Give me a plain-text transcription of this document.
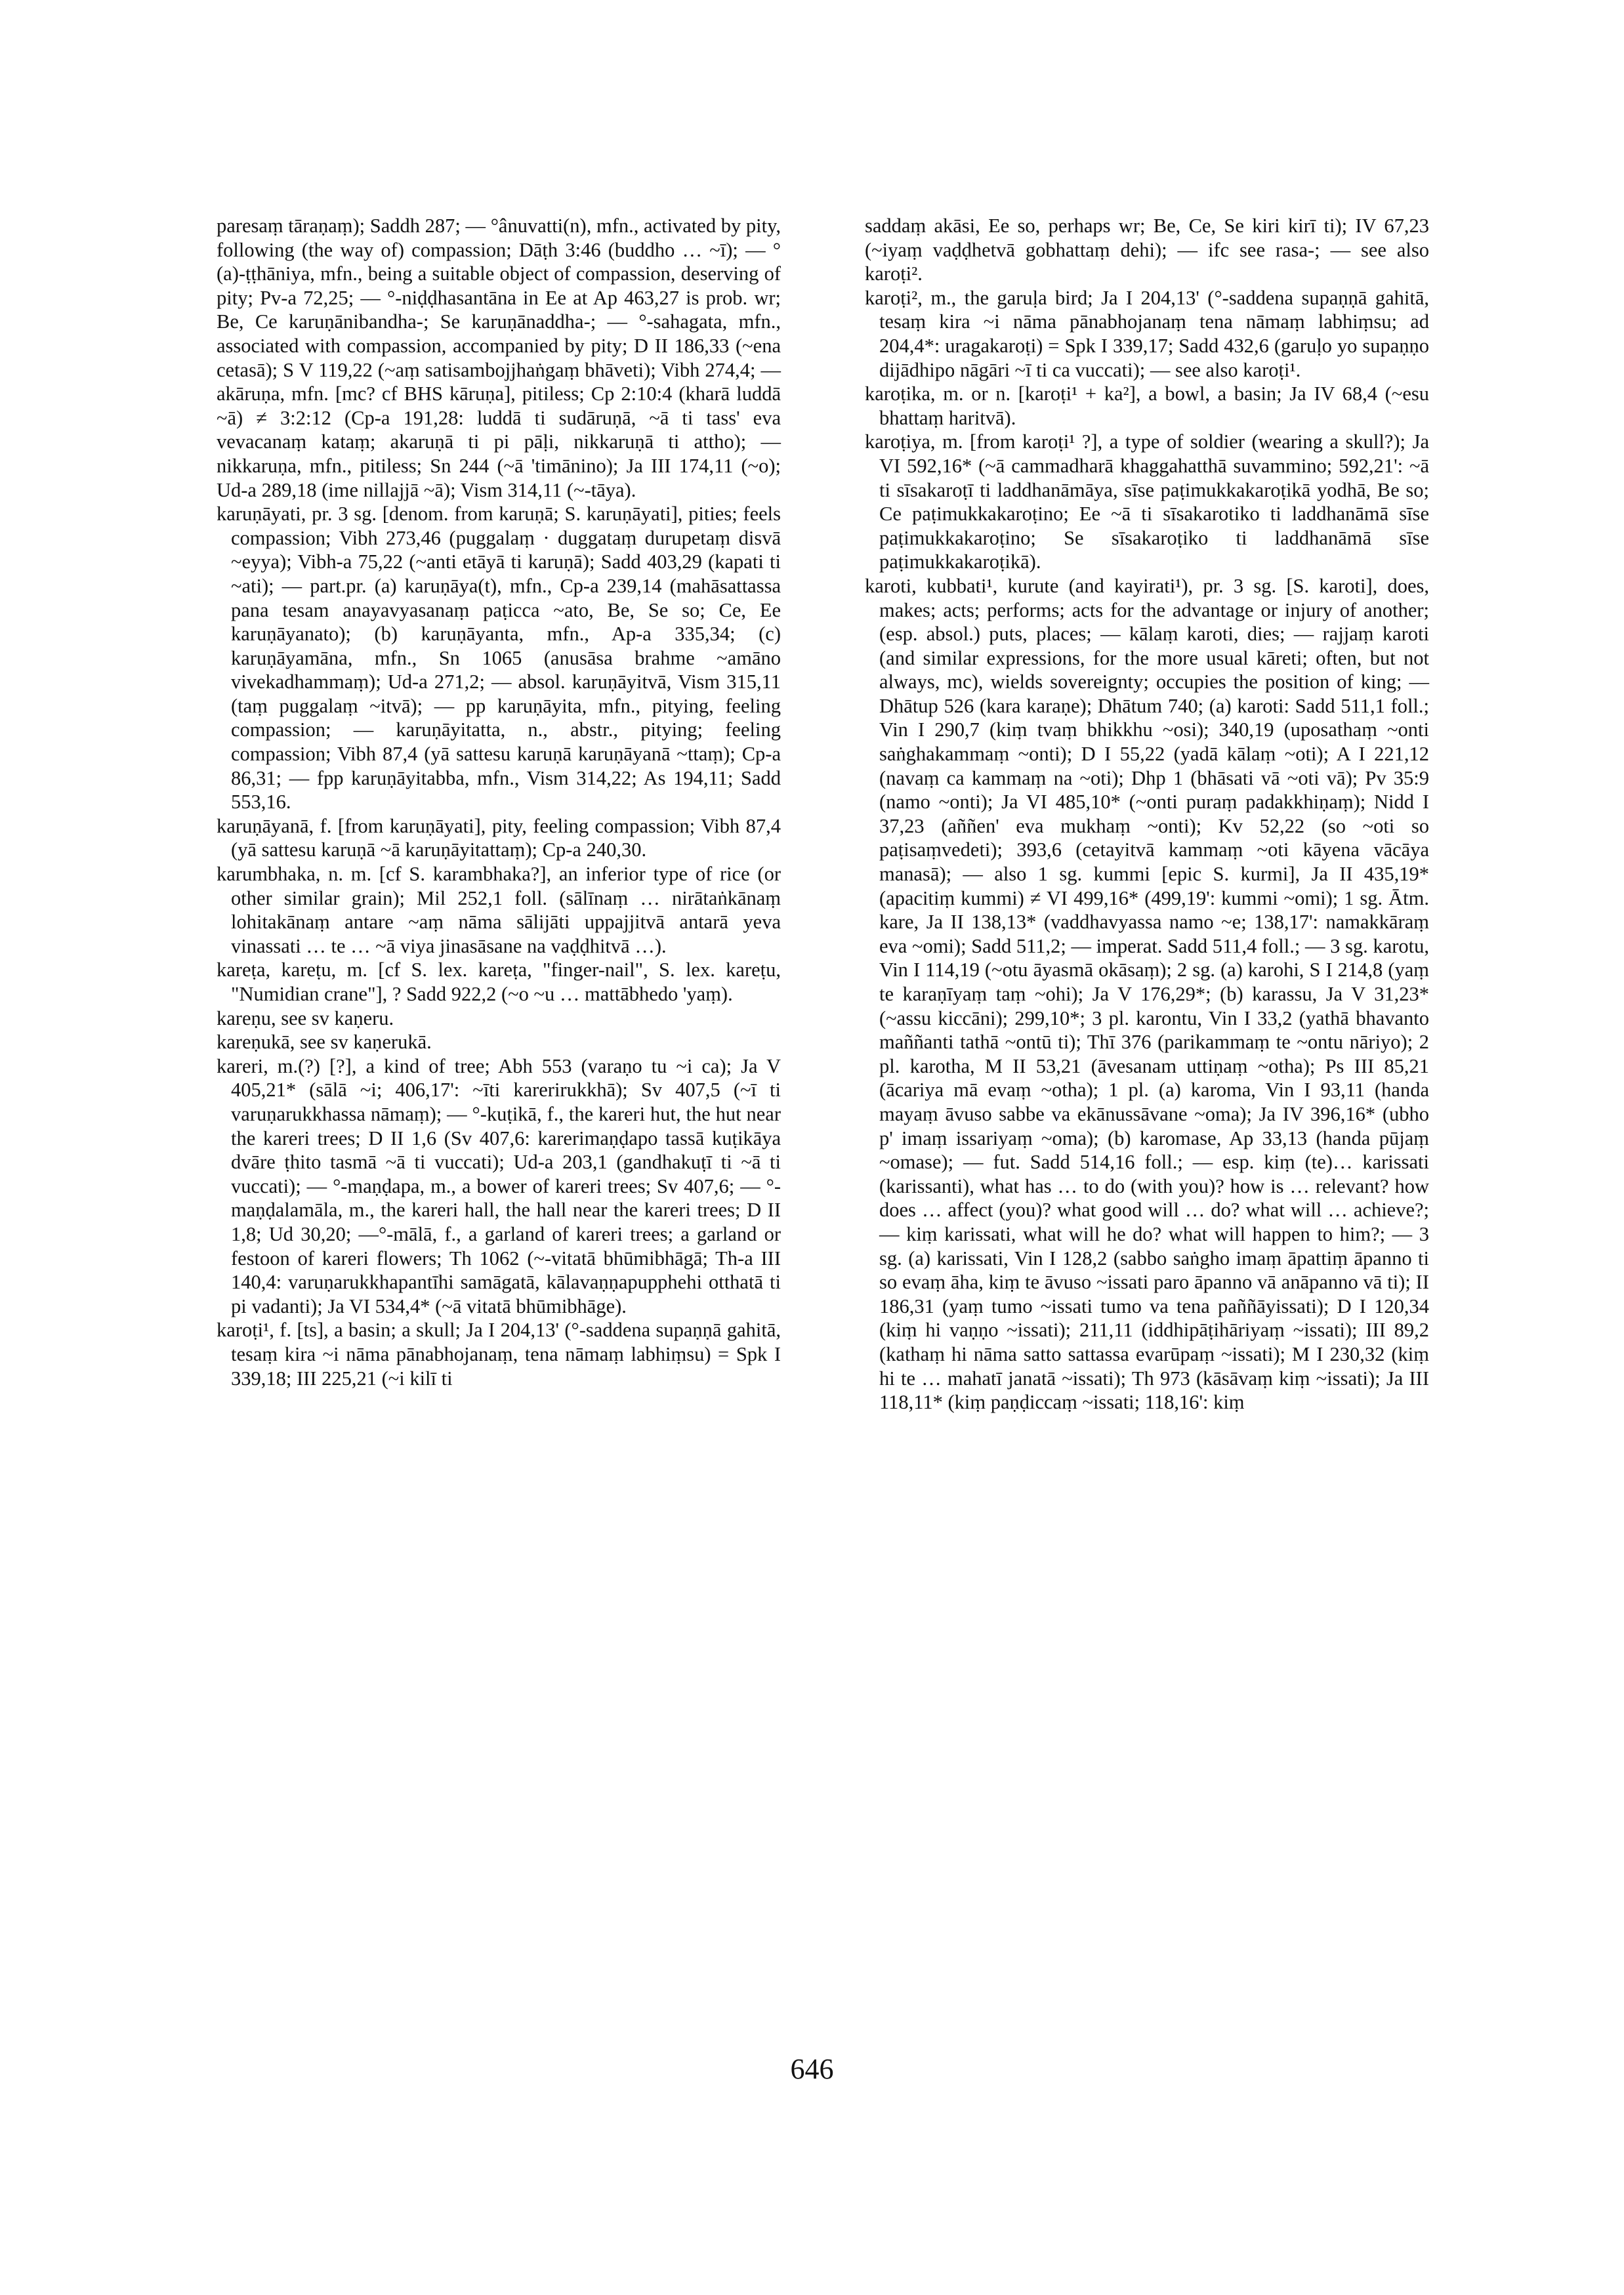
paresaṃ tāraṇaṃ); Saddh 287; — °ânuvatti(n), mfn., activated by pity, following (the way of) compassion; Dāṭh 3:46 (buddho … ~ī); — °(a)-ṭṭhāniya, mfn., being a suitable object of compassion, deserving of pity; Pv-a 72,25; — °-niḍḍhasantāna in Ee at Ap 463,27 is prob. wr; Be, Ce karuṇānibandha-; Se karuṇānaddha-; — °-sahagata, mfn., associated with compassion, accompanied by pity; D II 186,33 (~ena cetasā); S V 119,22 (~aṃ satisambojjhaṅgaṃ bhāveti); Vibh 274,4; — akāruṇa, mfn. [mc? cf BHS kāruṇa], pitiless; Cp 2:10:4 (kharā luddā ~ā) ≠ 3:2:12 (Cp-a 191,28: luddā ti sudāruṇā, ~ā ti tass' eva vevacanaṃ kataṃ; akaruṇā ti pi pāḷi, nikkaruṇā ti attho); — nikkaruṇa, mfn., pitiless; Sn 244 (~ā 'timānino); Ja III 174,11 (~o); Ud-a 289,18 (ime nillajjā ~ā); Vism 314,11 (~-tāya).

karuṇāyati, pr. 3 sg. [denom. from karuṇā; S. karuṇāyati], pities; feels compassion; Vibh 273,46 (puggalaṃ · duggataṃ durupetaṃ disvā ~eyya); Vibh-a 75,22 (~anti etāyā ti karuṇā); Sadd 403,29 (kapati ti ~ati); — part.pr. (a) karuṇāya(t), mfn., Cp-a 239,14 (mahāsattassa pana tesam anayavyasanaṃ paṭicca ~ato, Be, Se so; Ce, Ee karuṇāyanato); (b) karuṇāyanta, mfn., Ap-a 335,34; (c) karuṇāyamāna, mfn., Sn 1065 (anusāsa brahme ~amāno vivekadhammaṃ); Ud-a 271,2; — absol. karuṇāyitvā, Vism 315,11 (taṃ puggalaṃ ~itvā); — pp karuṇāyita, mfn., pitying, feeling compassion; — karuṇāyitatta, n., abstr., pitying; feeling compassion; Vibh 87,4 (yā sattesu karuṇā karuṇāyanā ~ttaṃ); Cp-a 86,31; — fpp karuṇāyitabba, mfn., Vism 314,22; As 194,11; Sadd 553,16.

karuṇāyanā, f. [from karuṇāyati], pity, feeling compassion; Vibh 87,4 (yā sattesu karuṇā ~ā karuṇāyitattaṃ); Cp-a 240,30.

karumbhaka, n. m. [cf S. karambhaka?], an inferior type of rice (or other similar grain); Mil 252,1 foll. (sālīnaṃ … nirātaṅkānaṃ lohitakānaṃ antare ~aṃ nāma sālijāti uppajjitvā antarā yeva vinassati … te … ~ā viya jinasāsane na vaḍḍhitvā …).

kareṭa, kareṭu, m. [cf S. lex. kareṭa, "finger-nail", S. lex. kareṭu, "Numidian crane"], ? Sadd 922,2 (~o ~u … mattābhedo 'yaṃ).

kareṇu, see sv kaṇeru.

kareṇukā, see sv kaṇerukā.

kareri, m.(?) [?], a kind of tree; Abh 553 (varaṇo tu ~i ca); Ja V 405,21* (sālā ~i; 406,17': ~īti karerirukkhā); Sv 407,5 (~ī ti varuṇarukkhassa nāmaṃ); — °-kuṭikā, f., the kareri hut, the hut near the kareri trees; D II 1,6 (Sv 407,6: karerimaṇḍapo tassā kuṭikāya dvāre ṭhito tasmā ~ā ti vuccati); Ud-a 203,1 (gandhakuṭī ti ~ā ti vuccati); — °-maṇḍapa, m., a bower of kareri trees; Sv 407,6; — °-maṇḍalamāla, m., the kareri hall, the hall near the kareri trees; D II 1,8; Ud 30,20; —°-mālā, f., a garland of kareri trees; a garland or festoon of kareri flowers; Th 1062 (~-vitatā bhūmibhāgā; Th-a III 140,4: varuṇarukkhapantīhi samāgatā, kālavaṇṇapupphehi otthatā ti pi vadanti); Ja VI 534,4* (~ā vitatā bhūmibhāge).

karoṭi¹, f. [ts], a basin; a skull; Ja I 204,13' (°-saddena supaṇṇā gahitā, tesaṃ kira ~i nāma pānabhojanaṃ, tena nāmaṃ labhiṃsu) = Spk I 339,18; III 225,21 (~i kilī ti

saddaṃ akāsi, Ee so, perhaps wr; Be, Ce, Se kiri kirī ti); IV 67,23 (~iyaṃ vaḍḍhetvā gobhattaṃ dehi); — ifc see rasa-; — see also karoṭi².

karoṭi², m., the garuḷa bird; Ja I 204,13' (°-saddena supaṇṇā gahitā, tesaṃ kira ~i nāma pānabhojanaṃ tena nāmaṃ labhiṃsu; ad 204,4*: uragakaroṭi) = Spk I 339,17; Sadd 432,6 (garuḷo yo supaṇṇo dijādhipo nāgāri ~ī ti ca vuccati); — see also karoṭi¹.

karoṭika, m. or n. [karoṭi¹ + ka²], a bowl, a basin; Ja IV 68,4 (~esu bhattaṃ haritvā).

karoṭiya, m. [from karoṭi¹ ?], a type of soldier (wearing a skull?); Ja VI 592,16* (~ā cammadharā khaggahatthā suvammino; 592,21': ~ā ti sīsakaroṭī ti laddhanāmāya, sīse paṭimukkakaroṭikā yodhā, Be so; Ce paṭimukkakaroṭino; Ee ~ā ti sīsakarotiko ti laddhanāmā sīse paṭimukkakaroṭino; Se sīsakaroṭiko ti laddhanāmā sīse paṭimukkakaroṭikā).

karoti, kubbati¹, kurute (and kayirati¹), pr. 3 sg. [S. karoti], does, makes; acts; performs; acts for the advantage or injury of another; (esp. absol.) puts, places; — kālaṃ karoti, dies; — rajjaṃ karoti (and similar expressions, for the more usual kāreti; often, but not always, mc), wields sovereignty; occupies the position of king; — Dhātup 526 (kara karaṇe); Dhātum 740; (a) karoti: Sadd 511,1 foll.; Vin I 290,7 (kiṃ tvaṃ bhikkhu ~osi); 340,19 (uposathaṃ ~onti saṅghakammaṃ ~onti); D I 55,22 (yadā kālaṃ ~oti); A I 221,12 (navaṃ ca kammaṃ na ~oti); Dhp 1 (bhāsati vā ~oti vā); Pv 35:9 (namo ~onti); Ja VI 485,10* (~onti puraṃ padakkhiṇaṃ); Nidd I 37,23 (aññen' eva mukhaṃ ~onti); Kv 52,22 (so ~oti so paṭisaṃvedeti); 393,6 (cetayitvā kammaṃ ~oti kāyena vācāya manasā); — also 1 sg. kummi [epic S. kurmi], Ja II 435,19* (apacitiṃ kummi) ≠ VI 499,16* (499,19': kummi ~omi); 1 sg. Ātm. kare, Ja II 138,13* (vaddhavyassa namo ~e; 138,17': namakkāraṃ eva ~omi); Sadd 511,2; — imperat. Sadd 511,4 foll.; — 3 sg. karotu, Vin I 114,19 (~otu āyasmā okāsaṃ); 2 sg. (a) karohi, S I 214,8 (yaṃ te karaṇīyaṃ taṃ ~ohi); Ja V 176,29*; (b) karassu, Ja V 31,23* (~assu kiccāni); 299,10*; 3 pl. karontu, Vin I 33,2 (yathā bhavanto maññanti tathā ~ontū ti); Thī 376 (parikammaṃ te ~ontu nāriyo); 2 pl. karotha, M II 53,21 (āvesanam uttiṇaṃ ~otha); Ps III 85,21 (ācariya mā evaṃ ~otha); 1 pl. (a) karoma, Vin I 93,11 (handa mayaṃ āvuso sabbe va ekānussāvane ~oma); Ja IV 396,16* (ubho p' imaṃ issariyaṃ ~oma); (b) karomase, Ap 33,13 (handa pūjaṃ ~omase); — fut. Sadd 514,16 foll.; — esp. kiṃ (te)… karissati (karissanti), what has … to do (with you)? how is … relevant? how does … affect (you)? what good will … do? what will … achieve?; — kiṃ karissati, what will he do? what will happen to him?; — 3 sg. (a) karissati, Vin I 128,2 (sabbo saṅgho imaṃ āpattiṃ āpanno ti so evaṃ āha, kiṃ te āvuso ~issati paro āpanno vā anāpanno vā ti); II 186,31 (yaṃ tumo ~issati tumo va tena paññāyissati); D I 120,34 (kiṃ hi vaṇṇo ~issati); 211,11 (iddhipāṭihāriyaṃ ~issati); III 89,2 (kathaṃ hi nāma satto sattassa evarūpaṃ ~issati); M I 230,32 (kiṃ hi te … mahatī janatā ~issati); Th 973 (kāsāvaṃ kiṃ ~issati); Ja III 118,11* (kiṃ paṇḍiccaṃ ~issati; 118,16': kiṃ

646
